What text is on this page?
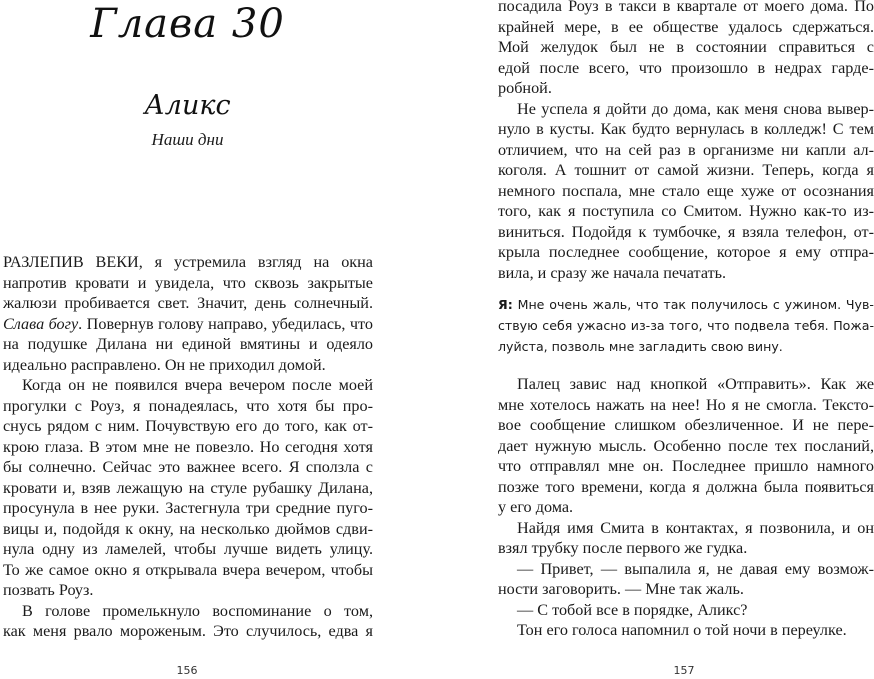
Глава 30
Аликс
Наши дни
РАЗЛЕПИВ ВЕКИ, я устремила взгляд на окна
напротив кровати и увидела, что сквозь закрытые
жалюзи пробивается свет. Значит, день солнечный.
Слава богу. Повернув голову направо, убедилась, что
на подушке Дилана ни единой вмятины и одеяло
идеально расправлено. Он не приходил домой.
Когда он не появился вчера вечером после моей
прогулки с Роуз, я понадеялась, что хотя бы про-
снусь рядом с ним. Почувствую его до того, как от-
крою глаза. В этом мне не повезло. Но сегодня хотя
бы солнечно. Сейчас это важнее всего. Я сползла с
кровати и, взяв лежащую на стуле рубашку Дилана,
просунула в нее руки. Застегнула три средние пуго-
вицы и, подойдя к окну, на несколько дюймов сдви-
нула одну из ламелей, чтобы лучше видеть улицу.
То же самое окно я открывала вчера вечером, чтобы
позвать Роуз.
В голове промелькнуло воспоминание о том,
как меня рвало мороженым. Это случилось, едва я
156
посадила Роуз в такси в квартале от моего дома. По
крайней мере, в ее обществе удалось сдержаться.
Мой желудок был не в состоянии справиться с
едой после всего, что произошло в недрах гарде-
робной.
Не успела я дойти до дома, как меня снова вывер-
нуло в кусты. Как будто вернулась в колледж! С тем
отличием, что на сей раз в организме ни капли ал-
коголя. А тошнит от самой жизни. Теперь, когда я
немного поспала, мне стало еще хуже от осознания
того, как я поступила со Смитом. Нужно как-то из-
виниться. Подойдя к тумбочке, я взяла телефон, от-
крыла последнее сообщение, которое я ему отпра-
вила, и сразу же начала печатать.
Я: Мне очень жаль, что так получилось с ужином. Чув-
ствую себя ужасно из-за того, что подвела тебя. Пожа-
луйста, позволь мне загладить свою вину.
Палец завис над кнопкой «Отправить». Как же
мне хотелось нажать на нее! Но я не смогла. Тексто-
вое сообщение слишком обезличенное. И не пере-
дает нужную мысль. Особенно после тех посланий,
что отправлял мне он. Последнее пришло намного
позже того времени, когда я должна была появиться
у его дома.
Найдя имя Смита в контактах, я позвонила, и он
взял трубку после первого же гудка.
— Привет, — выпалила я, не давая ему возмож-
ности заговорить. — Мне так жаль.
— С тобой все в порядке, Аликс?
Тон его голоса напомнил о той ночи в переулке.
157
